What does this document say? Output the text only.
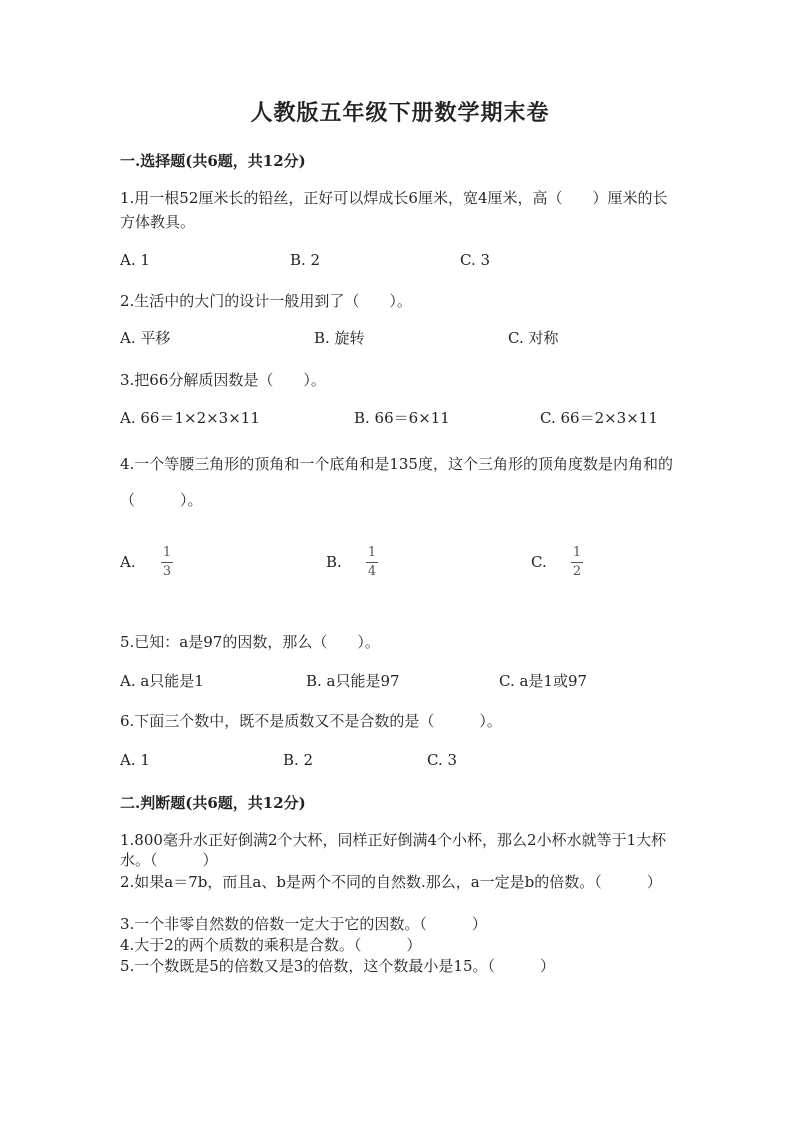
人教版五年级下册数学期末卷
一.选择题(共6题，共12分)
1.用一根52厘米长的铅丝，正好可以焊成长6厘米，宽4厘米，高（　　）厘米的长方体教具。
A. 1	B. 2	C. 3
2.生活中的大门的设计一般用到了（　　）。
A. 平移	B. 旋转	C. 对称
3.把66分解质因数是（　　）。
A. 66＝1×2×3×11	B. 66＝6×11	C. 66＝2×3×11
4.一个等腰三角形的顶角和一个底角和是135度，这个三角形的顶角度数是内角和的（　　　）。
A.
1
3
B.
1
4
C.
1
2
5.已知：a是97的因数，那么（　　）。
A. a只能是1	B. a只能是97	C. a是1或97
6.下面三个数中，既不是质数又不是合数的是（　　　）。
A. 1	B. 2	C. 3
二.判断题(共6题，共12分)
1.800毫升水正好倒满2个大杯，同样正好倒满4个小杯，那么2小杯水就等于1大杯水。（　　　）
2.如果a＝7b，而且a、b是两个不同的自然数.那么，a一定是b的倍数。（　　　）
3.一个非零自然数的倍数一定大于它的因数。（　　　）
4.大于2的两个质数的乘积是合数。（　　　）
5.一个数既是5的倍数又是3的倍数，这个数最小是15。（　　　）
